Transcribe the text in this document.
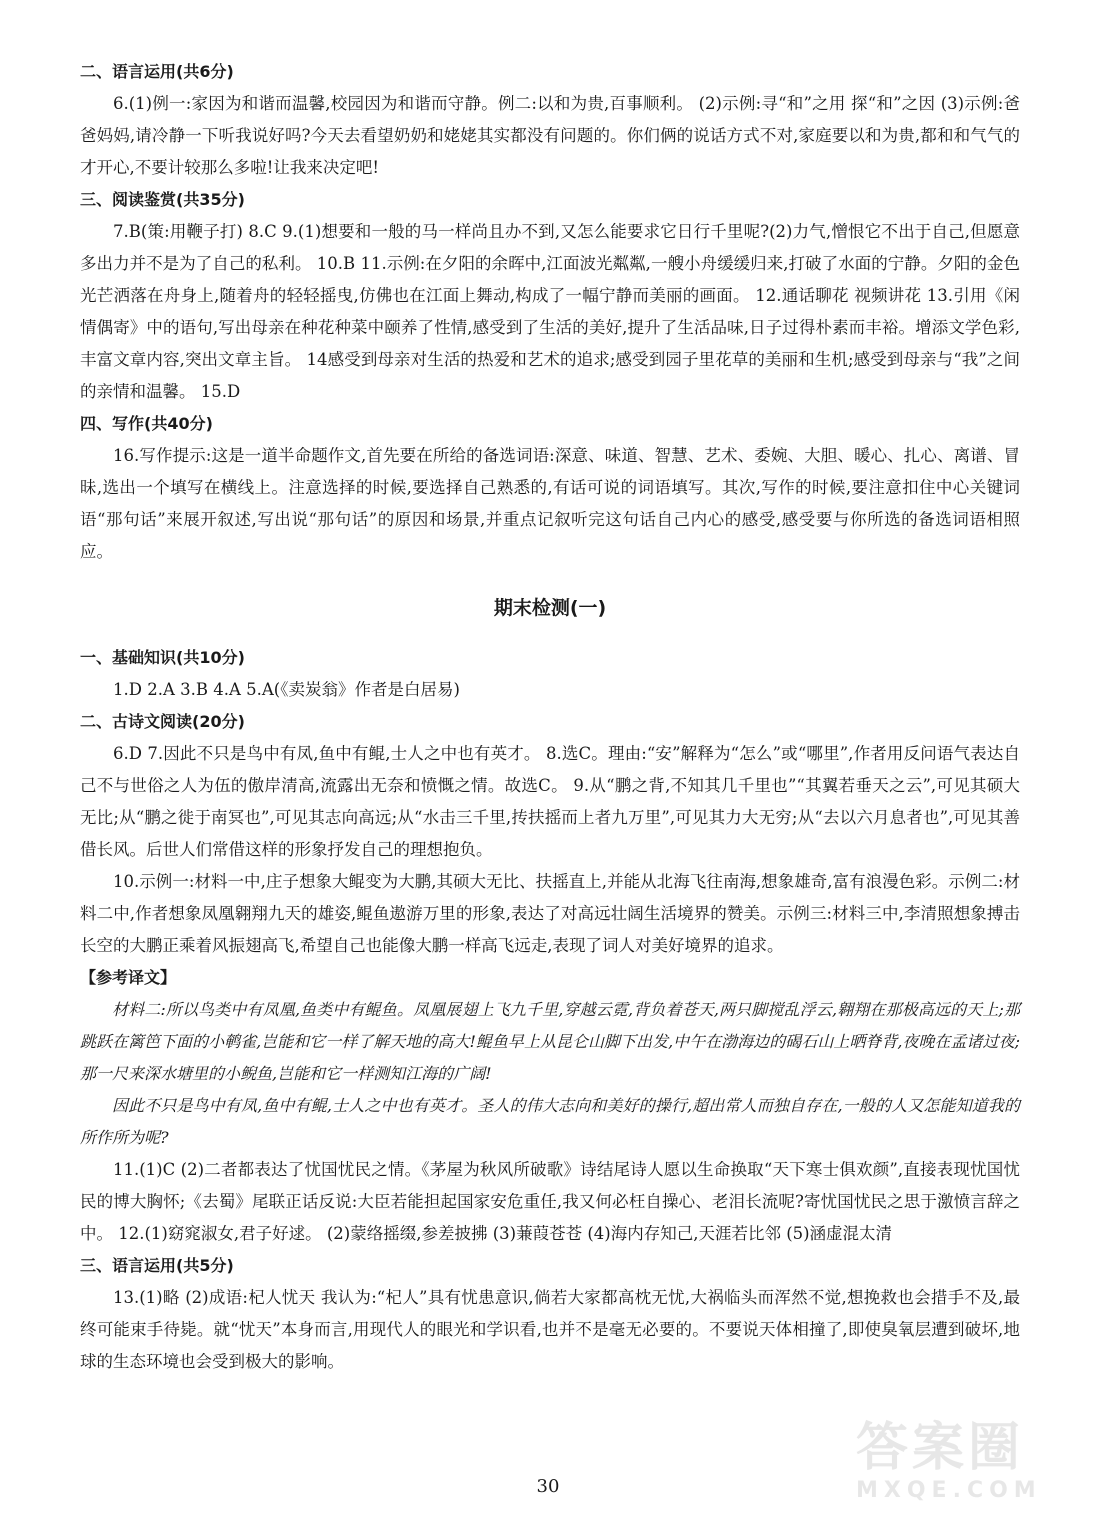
二、语言运用(共6分)

6.(1)例一:家因为和谐而温馨,校园因为和谐而守静。例二:以和为贵,百事顺利。 (2)示例:寻“和”之用 探“和”之因 (3)示例:爸爸妈妈,请冷静一下听我说好吗?今天去看望奶奶和姥姥其实都没有问题的。你们俩的说话方式不对,家庭要以和为贵,都和和气气的才开心,不要计较那么多啦!让我来决定吧!

三、阅读鉴赏(共35分)

7.B(策:用鞭子打) 8.C 9.(1)想要和一般的马一样尚且办不到,又怎么能要求它日行千里呢?(2)力气,憎恨它不出于自己,但愿意多出力并不是为了自己的私利。 10.B 11.示例:在夕阳的余晖中,江面波光粼粼,一艘小舟缓缓归来,打破了水面的宁静。夕阳的金色光芒洒落在舟身上,随着舟的轻轻摇曳,仿佛也在江面上舞动,构成了一幅宁静而美丽的画面。 12.通话聊花 视频讲花 13.引用《闲情偶寄》中的语句,写出母亲在种花种菜中颐养了性情,感受到了生活的美好,提升了生活品味,日子过得朴素而丰裕。增添文学色彩,丰富文章内容,突出文章主旨。 14感受到母亲对生活的热爱和艺术的追求;感受到园子里花草的美丽和生机;感受到母亲与“我”之间的亲情和温馨。 15.D

四、写作(共40分)

16.写作提示:这是一道半命题作文,首先要在所给的备选词语:深意、味道、智慧、艺术、委婉、大胆、暖心、扎心、离谱、冒昧,选出一个填写在横线上。注意选择的时候,要选择自己熟悉的,有话可说的词语填写。其次,写作的时候,要注意扣住中心关键词语“那句话”来展开叙述,写出说“那句话”的原因和场景,并重点记叙听完这句话自己内心的感受,感受要与你所选的备选词语相照应。

期末检测(一)

一、基础知识(共10分)

1.D 2.A 3.B 4.A 5.A(《卖炭翁》作者是白居易)

二、古诗文阅读(20分)

6.D 7.因此不只是鸟中有凤,鱼中有鲲,士人之中也有英才。 8.选C。理由:“安”解释为“怎么”或“哪里”,作者用反问语气表达自己不与世俗之人为伍的傲岸清高,流露出无奈和愤慨之情。故选C。 9.从“鹏之背,不知其几千里也”“其翼若垂天之云”,可见其硕大无比;从“鹏之徙于南冥也”,可见其志向高远;从“水击三千里,抟扶摇而上者九万里”,可见其力大无穷;从“去以六月息者也”,可见其善借长风。后世人们常借这样的形象抒发自己的理想抱负。

10.示例一:材料一中,庄子想象大鲲变为大鹏,其硕大无比、扶摇直上,并能从北海飞往南海,想象雄奇,富有浪漫色彩。示例二:材料二中,作者想象凤凰翱翔九天的雄姿,鲲鱼遨游万里的形象,表达了对高远壮阔生活境界的赞美。示例三:材料三中,李清照想象搏击长空的大鹏正乘着风振翅高飞,希望自己也能像大鹏一样高飞远走,表现了词人对美好境界的追求。

【参考译文】

材料二:所以鸟类中有凤凰,鱼类中有鲲鱼。凤凰展翅上飞九千里,穿越云霓,背负着苍天,两只脚搅乱浮云,翱翔在那极高远的天上;那跳跃在篱笆下面的小鹌雀,岂能和它一样了解天地的高大!鲲鱼早上从昆仑山脚下出发,中午在渤海边的碣石山上晒脊背,夜晚在孟诸过夜;那一尺来深水塘里的小鲵鱼,岂能和它一样测知江海的广阔!

因此不只是鸟中有凤,鱼中有鲲,士人之中也有英才。圣人的伟大志向和美好的操行,超出常人而独自存在,一般的人又怎能知道我的所作所为呢?

11.(1)C (2)二者都表达了忧国忧民之情。《茅屋为秋风所破歌》诗结尾诗人愿以生命换取“天下寒士俱欢颜”,直接表现忧国忧民的博大胸怀;《去蜀》尾联正话反说:大臣若能担起国家安危重任,我又何必枉自操心、老泪长流呢?寄忧国忧民之思于激愤言辞之中。 12.(1)窈窕淑女,君子好逑。 (2)蒙络摇缀,参差披拂 (3)蒹葭苍苍 (4)海内存知己,天涯若比邻 (5)涵虚混太清

三、语言运用(共5分)

13.(1)略 (2)成语:杞人忧天 我认为:“杞人”具有忧患意识,倘若大家都高枕无忧,大祸临头而浑然不觉,想挽救也会措手不及,最终可能束手待毙。就“忧天”本身而言,用现代人的眼光和学识看,也并不是毫无必要的。不要说天体相撞了,即使臭氧层遭到破坏,地球的生态环境也会受到极大的影响。

30
答案圈
MXQE.COM
